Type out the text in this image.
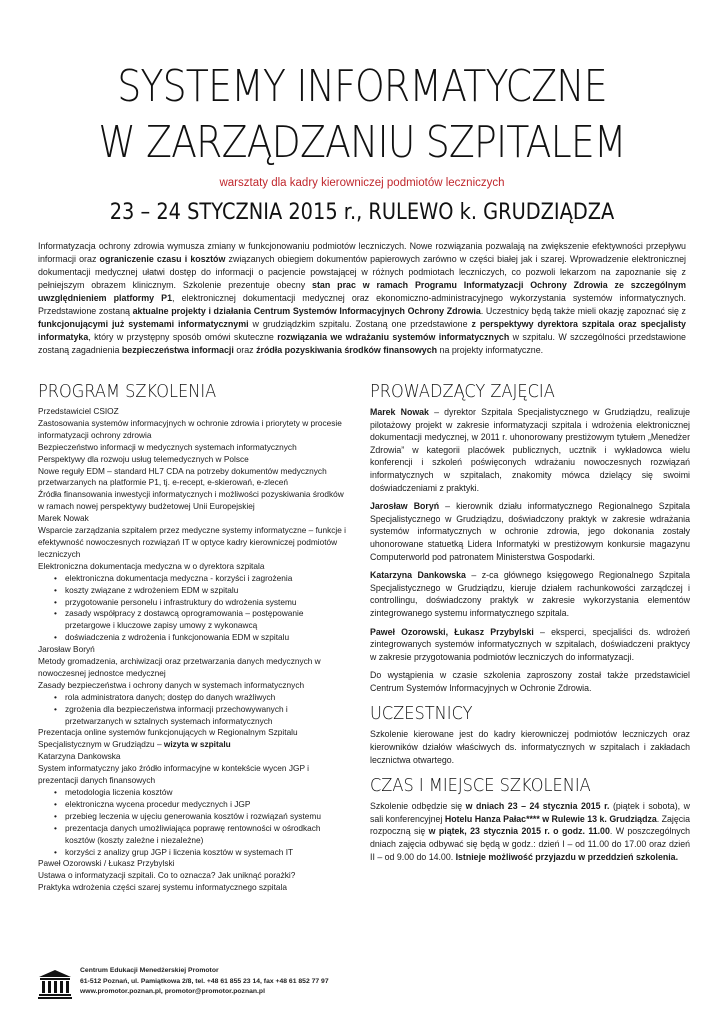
SYSTEMY INFORMATYCZNE
W ZARZĄDZANIU SZPITALEM
warsztaty dla kadry kierowniczej podmiotów leczniczych
23 – 24 STYCZNIA 2015 r., RULEWO k. GRUDZIĄDZA
Informatyzacja ochrony zdrowia wymusza zmiany w funkcjonowaniu podmiotów leczniczych. Nowe rozwiązania pozwalają na zwiększenie efektywności przepływu informacji oraz ograniczenie czasu i kosztów związanych obiegiem dokumentów papierowych zarówno w części białej jak i szarej. Wprowadzenie elektronicznej dokumentacji medycznej ułatwi dostęp do informacji o pacjencie powstającej w różnych podmiotach leczniczych, co pozwoli lekarzom na zapoznanie się z pełniejszym obrazem klinicznym. Szkolenie prezentuje obecny stan prac w ramach Programu Informatyzacji Ochrony Zdrowia ze szczególnym uwzględnieniem platformy P1, elektronicznej dokumentacji medycznej oraz ekonomiczno-administracyjnego wykorzystania systemów informatycznych. Przedstawione zostaną aktualne projekty i działania Centrum Systemów Informacyjnych Ochrony Zdrowia. Uczestnicy będą także mieli okazję zapoznać się z funkcjonującymi już systemami informatycznymi w grudziądzkim szpitalu. Zostaną one przedstawione z perspektywy dyrektora szpitala oraz specjalisty informatyka, który w przystępny sposób omówi skuteczne rozwiązania we wdrażaniu systemów informatycznych w szpitalu. W szczególności przedstawione zostaną zagadnienia bezpieczeństwa informacji oraz źródła pozyskiwania środków finansowych na projekty informatyczne.
PROGRAM SZKOLENIA

Przedstawiciel CSIOZ

Zastosowania systemów informacyjnych w ochronie zdrowia i priorytety w procesie informatyzacji ochrony zdrowia

Bezpieczeństwo informacji w medycznych systemach informatycznych

Perspektywy dla rozwoju usług telemedycznych w Polsce

Nowe reguły EDM – standard HL7 CDA na potrzeby dokumentów medycznych przetwarzanych na platformie P1, tj. e-recept, e-skierowań, e-zleceń

Źródła finansowania inwestycji informatycznych i możliwości pozyskiwania środków w ramach nowej perspektywy budżetowej Unii Europejskiej

Marek Nowak

Wsparcie zarządzania szpitalem przez medyczne systemy informatyczne – funkcje i efektywność nowoczesnych rozwiązań IT w optyce kadry kierowniczej podmiotów leczniczych

Elektroniczna dokumentacja medyczna w o dyrektora szpitala

• elektroniczna dokumentacja medyczna - korzyści i zagrożenia
• koszty związane z wdrożeniem EDM w szpitalu
• przygotowanie personelu i infrastruktury do wdrożenia systemu
• zasady współpracy z dostawcą oprogramowania – postępowanie przetargowe i kluczowe zapisy umowy z wykonawcą
• doświadczenia z wdrożenia i funkcjonowania EDM w szpitalu

Jarosław Boryń

Metody gromadzenia, archiwizacji oraz przetwarzania danych medycznych w nowoczesnej jednostce medycznej

Zasady bezpieczeństwa i ochrony danych w systemach informatycznych

• rola administratora danych; dostęp do danych wrażliwych
• zgrożenia dla bezpieczeństwa informacji przechowywanych i przetwarzanych w sztalnych systemach informatycznych

Prezentacja online systemów funkcjonujących w Regionalnym Szpitalu Specjalistycznym w Grudziądzu – wizyta w szpitalu

Katarzyna Dankowska

System informatyczny jako źródło informacyjne w kontekście wycen JGP i prezentacji danych finansowych

• metodologia liczenia kosztów
• elektroniczna wycena procedur medycznych i JGP
• przebieg leczenia w ujęciu generowania kosztów i rozwiązań systemu
• prezentacja danych umożliwiająca poprawę rentowności w ośrodkach kosztów (koszty zależne i niezależne)
• korzyści z analizy grup JGP i liczenia kosztów w systemach IT

Paweł Ozorowski / Łukasz Przybylski

Ustawa o informatyzacji szpitali. Co to oznacza? Jak uniknąć porażki?

Praktyka wdrożenia części szarej systemu informatycznego szpitala

PROWADZĄCY ZAJĘCIA

Marek Nowak – dyrektor Szpitala Specjalistycznego w Grudziądzu, realizuje pilotażowy projekt w zakresie informatyzacji szpitala i wdrożenia elektronicznej dokumentacji medycznej, w 2011 r. uhonorowany prestiżowym tytułem „Menedżer Zdrowia” w kategorii placówek publicznych, ucztnik i wykładowca wielu konferencji i szkoleń poświęconych wdrażaniu nowoczesnych rozwiązań informatycznych w szpitalach, znakomity mówca dzielący się swoimi doświadczeniami z praktyki.

Jarosław Boryń – kierownik działu informatycznego Regionalnego Szpitala Specjalistycznego w Grudziądzu, doświadczony praktyk w zakresie wdrażania systemów informatycznych w ochronie zdrowia, jego dokonania zostały uhonorowane statuetką Lidera Informatyki w prestiżowym konkursie magazynu Computerworld pod patronatem Ministerstwa Gospodarki.

Katarzyna Dankowska – z-ca głównego księgowego Regionalnego Szpitala Specjalistycznego w Grudziądzu, kieruje działem rachunkowości zarządczej i controllingu, doświadczony praktyk w zakresie wykorzystania elementów zintegrowanego systemu informatycznego szpitala.

Paweł Ozorowski, Łukasz Przybylski – eksperci, specjaliści ds. wdrożeń zintegrowanych systemów informatycznych w szpitalach, doświadczeni praktycy w zakresie przygotowania podmiotów leczniczych do informatyzacji.

Do wystąpienia w czasie szkolenia zaproszony został także przedstawiciel Centrum Systemów Informacyjnych w Ochronie Zdrowia.

UCZESTNICY

Szkolenie kierowane jest do kadry kierowniczej podmiotów leczniczych oraz kierowników działów właściwych ds. informatycznych w szpitalach i zakładach lecznictwa otwartego.

CZAS I MIEJSCE SZKOLENIA

Szkolenie odbędzie się w dniach 23 – 24 stycznia 2015 r. (piątek i sobota), w sali konferencyjnej Hotelu Hanza Pałac**** w Rulewie 13 k. Grudziądza. Zajęcia rozpoczną się w piątek, 23 stycznia 2015 r. o godz. 11.00. W poszczególnych dniach zajęcia odbywać się będą w godz.: dzień I – od 11.00 do 17.00 oraz dzień II – od 9.00 do 14.00. Istnieje możliwość przyjazdu w przeddzień szkolenia.

Centrum Edukacji Menedżerskiej Promotor
61-512 Poznań, ul. Pamiątkowa 2/8, tel. +48 61 855 23 14, fax +48 61 852 77 97
www.promotor.poznan.pl, promotor@promotor.poznan.pl
